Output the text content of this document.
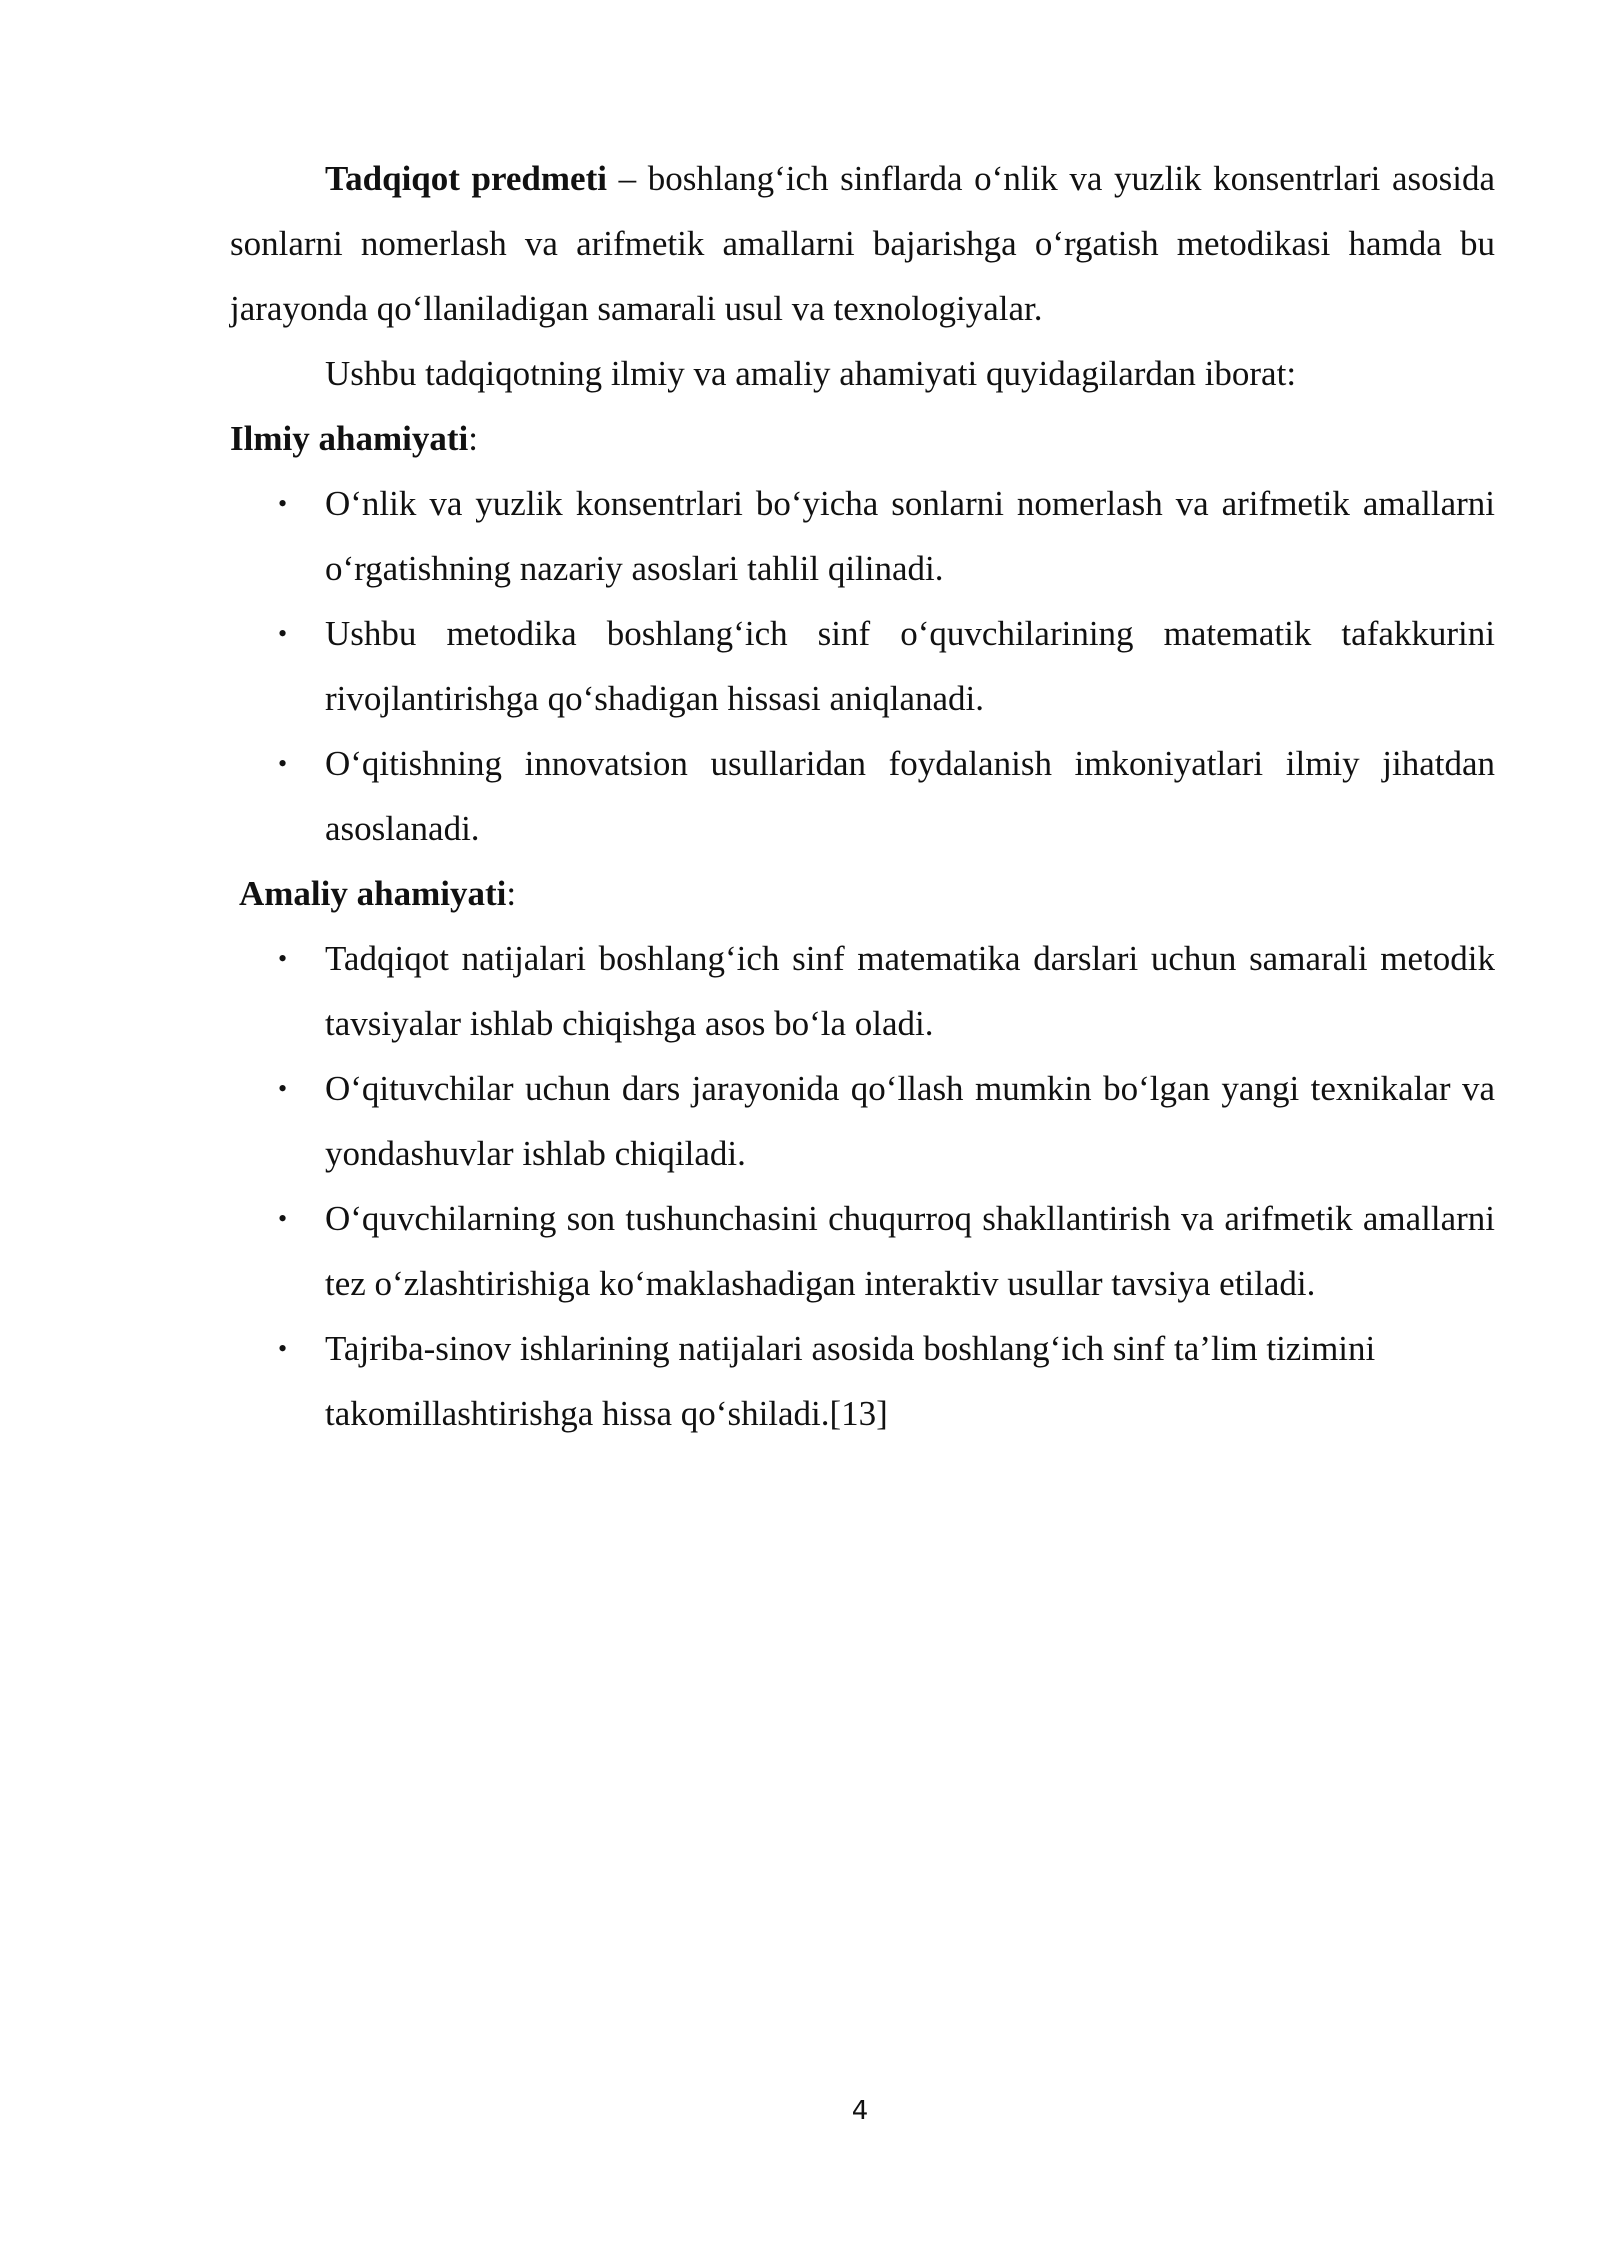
Tadqiqot predmeti – boshlang‘ich sinflarda o‘nlik va yuzlik konsentrlari asosida sonlarni nomerlash va arifmetik amallarni bajarishga o‘rgatish metodikasi hamda bu jarayonda qo‘llaniladigan samarali usul va texnologiyalar.

Ushbu tadqiqotning ilmiy va amaliy ahamiyati quyidagilardan iborat:

Ilmiy ahamiyati:

• O‘nlik va yuzlik konsentrlari bo‘yicha sonlarni nomerlash va arifmetik amallarni o‘rgatishning nazariy asoslari tahlil qilinadi.

• Ushbu metodika boshlang‘ich sinf o‘quvchilarining matematik tafakkurini rivojlantirishga qo‘shadigan hissasi aniqlanadi.

• O‘qitishning innovatsion usullaridan foydalanish imkoniyatlari ilmiy jihatdan asoslanadi.

Amaliy ahamiyati:

• Tadqiqot natijalari boshlang‘ich sinf matematika darslari uchun samarali metodik tavsiyalar ishlab chiqishga asos bo‘la oladi.

• O‘qituvchilar uchun dars jarayonida qo‘llash mumkin bo‘lgan yangi texnikalar va yondashuvlar ishlab chiqiladi.

• O‘quvchilarning son tushunchasini chuqurroq shakllantirish va arifmetik amallarni tez o‘zlashtirishiga ko‘maklashadigan interaktiv usullar tavsiya etiladi.

• Tajriba-sinov ishlarining natijalari asosida boshlang‘ich sinf ta’lim tizimini takomillashtirishga hissa qo‘shiladi.[13]

4
